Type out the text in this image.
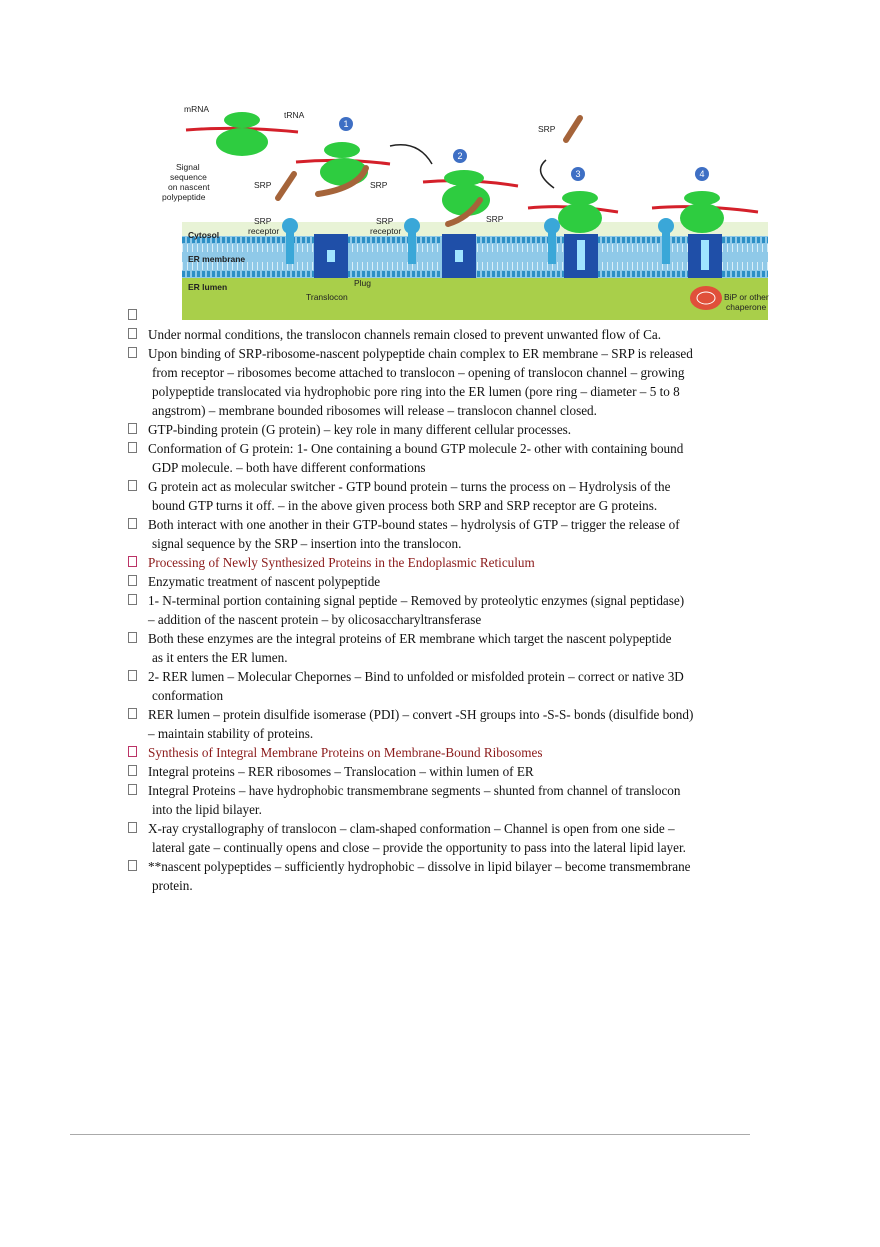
1
2
3	4
mRNA
tRNA
Signal
sequence
on nascent
polypeptide
SRP	SRP
SRP
SRP
SRP
receptor
SRP
receptor
Cytosol
ER membrane
ER lumen	Plug
Translocon	BiP or other
chaperone

Under normal conditions, the translocon channels remain closed to prevent unwanted flow of Ca.
Upon binding of SRP-ribosome-nascent polypeptide chain complex to ER membrane – SRP is released
from receptor – ribosomes become attached to translocon – opening of translocon channel – growing
polypeptide translocated via hydrophobic pore ring into the ER lumen (pore ring – diameter – 5 to 8
angstrom) – membrane bounded ribosomes will release – translocon channel closed.
GTP-binding protein (G protein) – key role in many different cellular processes.
Conformation of G protein: 1- One containing a bound GTP molecule 2- other with containing bound
GDP molecule. – both have different conformations
G protein act as molecular switcher - GTP bound protein – turns the process on – Hydrolysis of the
bound GTP turns it off. – in the above given process both SRP and SRP receptor are G proteins.
Both interact with one another in their GTP-bound states – hydrolysis of GTP – trigger the release of
signal sequence by the SRP – insertion into the translocon.
Processing of Newly Synthesized Proteins in the Endoplasmic Reticulum
Enzymatic treatment of nascent polypeptide
1- N-terminal portion containing signal peptide – Removed by proteolytic enzymes (signal peptidase)
– addition of the nascent protein – by olicosaccharyltransferase
Both these enzymes are the integral proteins of ER membrane which target the nascent polypeptide
as it enters the ER lumen.
2- RER lumen – Molecular Chepornes – Bind to unfolded or misfolded protein – correct or native 3D
conformation
RER lumen – protein disulfide isomerase (PDI) – convert -SH groups into -S-S- bonds (disulfide bond)
– maintain stability of proteins.
Synthesis of Integral Membrane Proteins on Membrane-Bound Ribosomes
Integral proteins – RER ribosomes – Translocation – within lumen of ER
Integral Proteins – have hydrophobic transmembrane segments – shunted from channel of translocon
into the lipid bilayer.
X-ray crystallography of translocon – clam-shaped conformation – Channel is open from one side –
lateral gate – continually opens and close – provide the opportunity to pass into the lateral lipid layer.
**nascent polypeptides – sufficiently hydrophobic – dissolve in lipid bilayer – become transmembrane
protein.
